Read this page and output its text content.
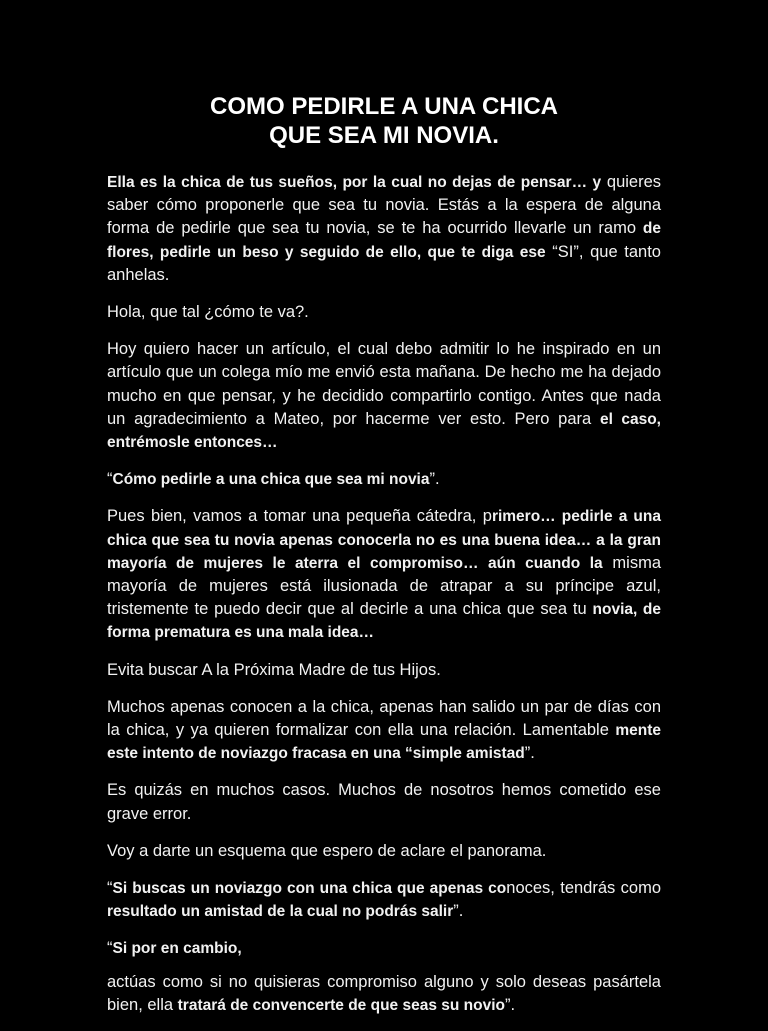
COMO PEDIRLE A UNA CHICA
QUE SEA MI NOVIA.

Ella es la chica de tus sueños, por la cual no dejas de pensar… y quieres saber cómo proponerle que sea tu novia. Estás a la espera de alguna forma de pedirle que sea tu novia, se te ha ocurrido llevarle un ramo de flores, pedirle un beso y seguido de ello, que te diga ese “SI”, que tanto anhelas.

Hola, que tal ¿cómo te va?.

Hoy quiero hacer un artículo, el cual debo admitir lo he inspirado en un artículo que un colega mío me envió esta mañana. De hecho me ha dejado mucho en que pensar, y he decidido compartirlo contigo. Antes que nada un agradecimiento a Mateo, por hacerme ver esto. Pero para el caso, entrémosle entonces…

“Cómo pedirle a una chica que sea mi novia”.

Pues bien, vamos a tomar una pequeña cátedra, primero… pedirle a una chica que sea tu novia apenas conocerla no es una buena idea… a la gran mayoría de mujeres le aterra el compromiso… aún cuando la misma mayoría de mujeres está ilusionada de atrapar a su príncipe azul, tristemente te puedo decir que al decirle a una chica que sea tu novia, de forma prematura es una mala idea…

Evita buscar A la Próxima Madre de tus Hijos.

Muchos apenas conocen a la chica, apenas han salido un par de días con la chica, y ya quieren formalizar con ella una relación. Lamentable mente este intento de noviazgo fracasa en una “simple amistad”.

Es quizás en muchos casos. Muchos de nosotros hemos cometido ese grave error.

Voy a darte un esquema que espero de aclare el panorama.

“Si buscas un noviazgo con una chica que apenas conoces, tendrás como resultado un amistad de la cual no podrás salir”.

“Si por en cambio,

actúas como si no quisieras compromiso alguno y solo deseas pasártela bien, ella tratará de convencerte de que seas su novio”.
